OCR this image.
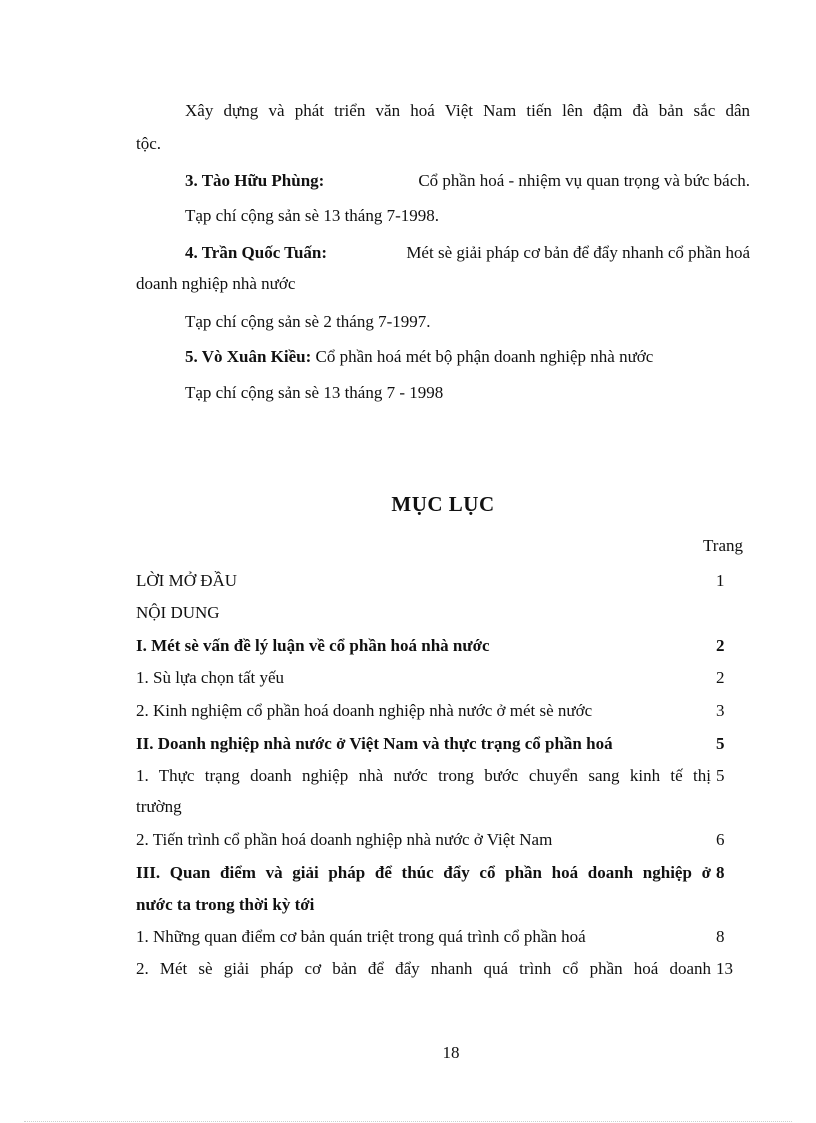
Xây dựng và phát triển văn hoá Việt Nam tiến lên đậm đà bản sắc dân
tộc.
3. Tào Hữu Phùng:	Cổ phần hoá - nhiệm vụ quan trọng và bức bách.
Tạp chí cộng sản sè 13 tháng 7-1998.
4. Trần Quốc Tuấn:	Mét sè giải pháp cơ bản để đẩy nhanh cổ phần hoá
doanh nghiệp nhà nước
Tạp chí cộng sản sè 2 tháng 7-1997.
5. Vò Xuân Kiều: Cổ phần hoá mét bộ phận doanh nghiệp nhà nước
Tạp chí cộng sản sè 13 tháng 7 - 1998
MỤC LỤC
Trang
LỜI MỞ ĐẦU	1
NỘI DUNG
I. Mét sè vấn đề lý luận về cổ phần hoá nhà nước	2
1. Sù lựa chọn tất yếu	2
2. Kinh nghiệm cổ phần hoá doanh nghiệp nhà nước ở mét sè nước	3
II. Doanh nghiệp nhà nước ở Việt Nam và thực trạng cổ phần hoá	5
1. Thực trạng doanh nghiệp nhà nước trong bước chuyển sang kinh tế thị 5
trường
2. Tiến trình cổ phần hoá doanh nghiệp nhà nước ở Việt Nam	6
III. Quan điểm và giải pháp để thúc đẩy cổ phần hoá doanh nghiệp ở 8
nước ta trong thời kỳ tới
1. Những quan điểm cơ bản quán triệt trong quá trình cổ phần hoá	8
2. Mét sè giải pháp cơ bản để đẩy nhanh quá trình cổ phần hoá doanh 13
18
